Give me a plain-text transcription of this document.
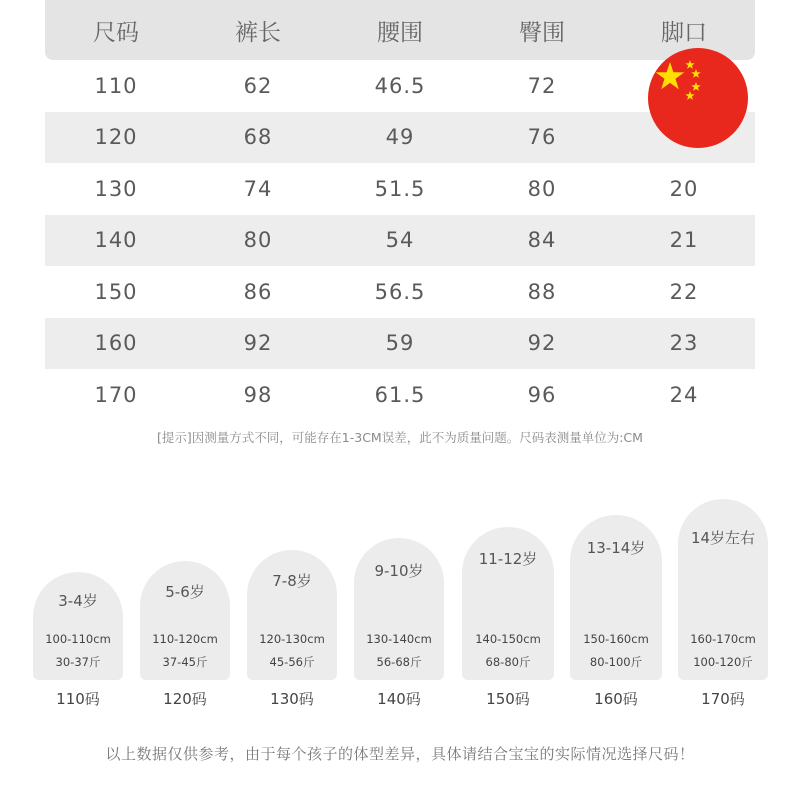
尺码	裤长	腰围	臀围	脚口
110	62	46.5	72
120	68	49	76
130	74	51.5	80	20
140	80	54	84	21
150	86	56.5	88	22
160	92	59	92	23
170	98	61.5	96	24
[提示]因测量方式不同，可能存在1-3CM误差，此不为质量问题。尺码表测量单位为:CM
3-4岁
100-110cm
30-37斤
110码
5-6岁
110-120cm
37-45斤
120码
7-8岁
120-130cm
45-56斤
130码
9-10岁
130-140cm
56-68斤
140码
11-12岁
140-150cm
68-80斤
150码
13-14岁
150-160cm
80-100斤
160码
14岁左右
160-170cm
100-120斤
170码
以上数据仅供参考，由于每个孩子的体型差异，具体请结合宝宝的实际情况选择尺码！
